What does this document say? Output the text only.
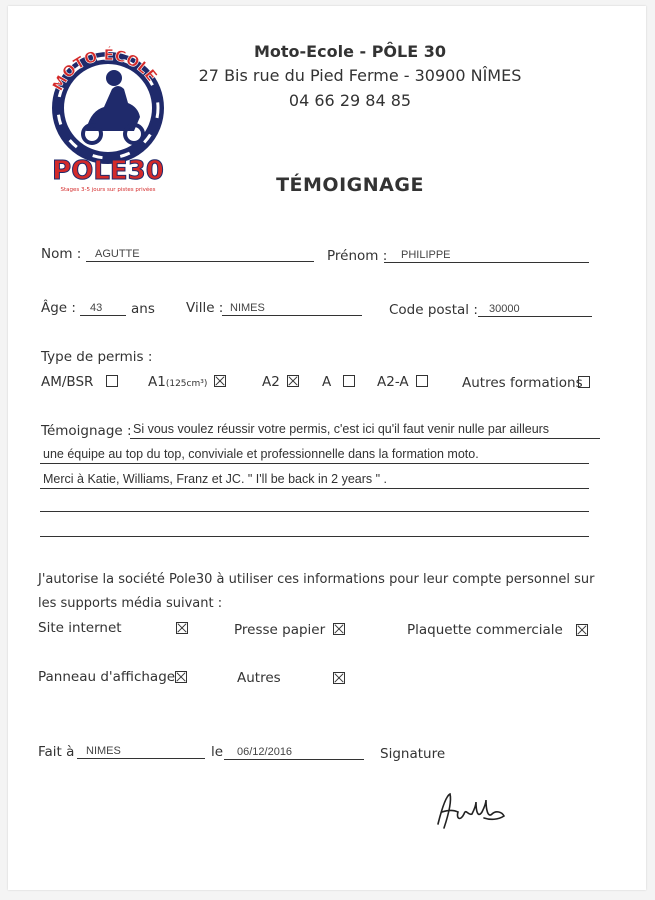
MOTO ÉCOLE
POLE30
Stages 3-5 jours sur pistes privées
Moto-Ecole - PÔLE 30
27 Bis rue du Pied Ferme - 30900 NÎMES
04 66 29 84 85
TÉMOIGNAGE
Nom : AGUTTE	Prénom : PHILIPPE
Âge : 43 ans Ville : NIMES	Code postal : 30000
Type de permis :
AM/BSR	A1(125cm³)	A2	A	A2-A	Autres formations
Témoignage : Si vous voulez réussir votre permis, c'est ici qu'il faut venir nulle par ailleurs
une équipe au top du top, conviviale et professionnelle dans la formation moto.
Merci à Katie, Williams, Franz et JC. " I'll be back in 2 years " .
J'autorise la société Pole30 à utiliser ces informations pour leur compte personnel sur
les supports média suivant :
Site internet	Presse papier	Plaquette commerciale
Panneau d'affichage	Autres
Fait à NIMES	le 06/12/2016	Signature
